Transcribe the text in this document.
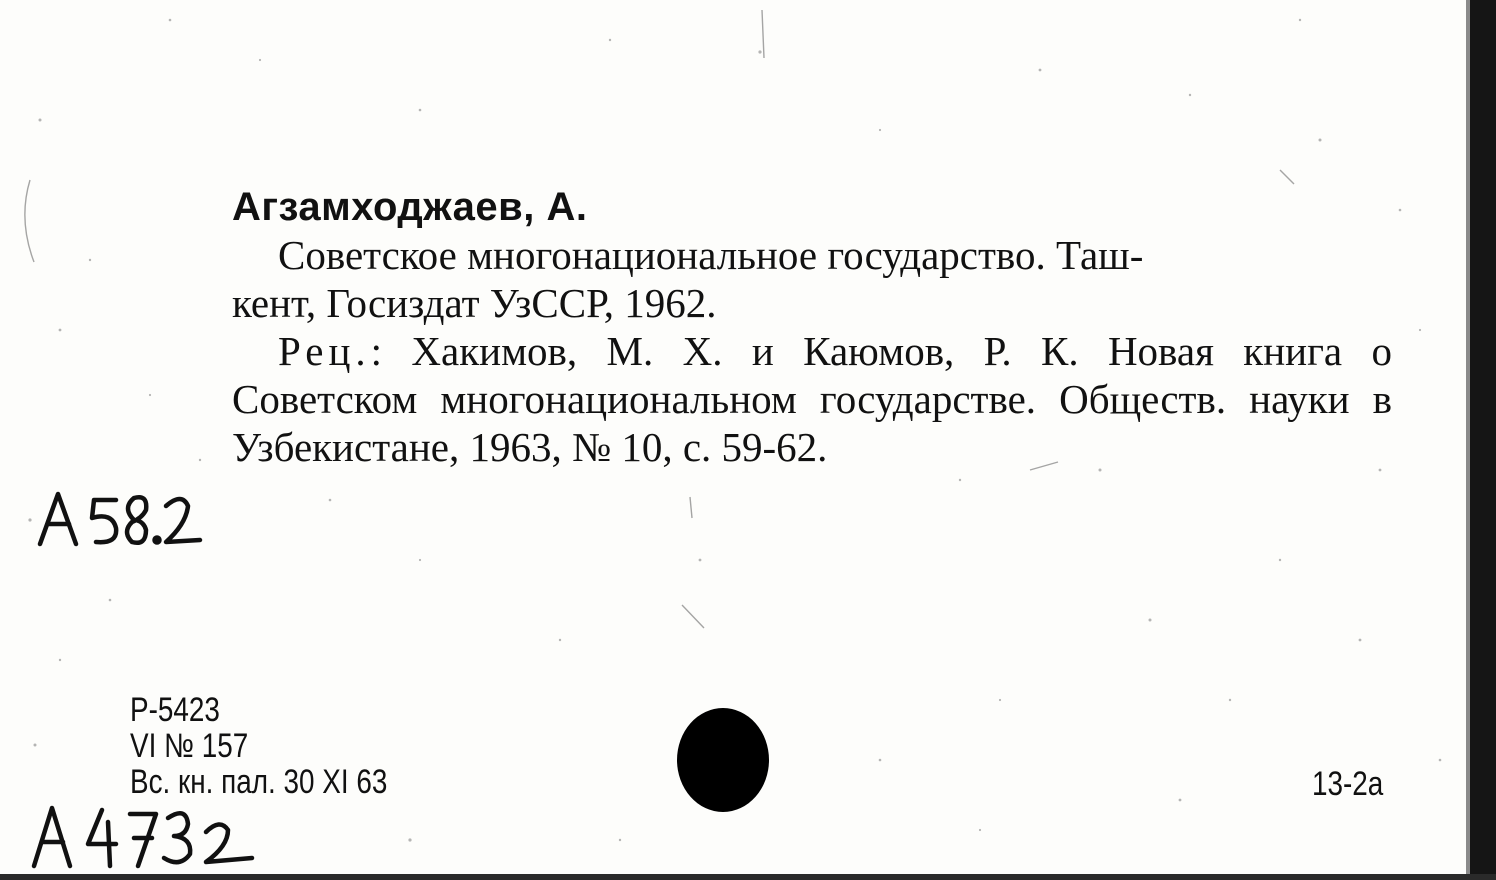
Агзамходжаев, А.

Советское многонациональное государство. Таш-
кент, Госиздат УзССР, 1962.

Рец.: Хакимов, М. Х. и Каюмов, Р. К. Новая книга о Советском многонациональном государстве. Обществ. науки в Узбекистане, 1963, № 10, с. 59-62.

Р-5423
VI № 157
Вс. кн. пал. 30 XI 63	13-2а
